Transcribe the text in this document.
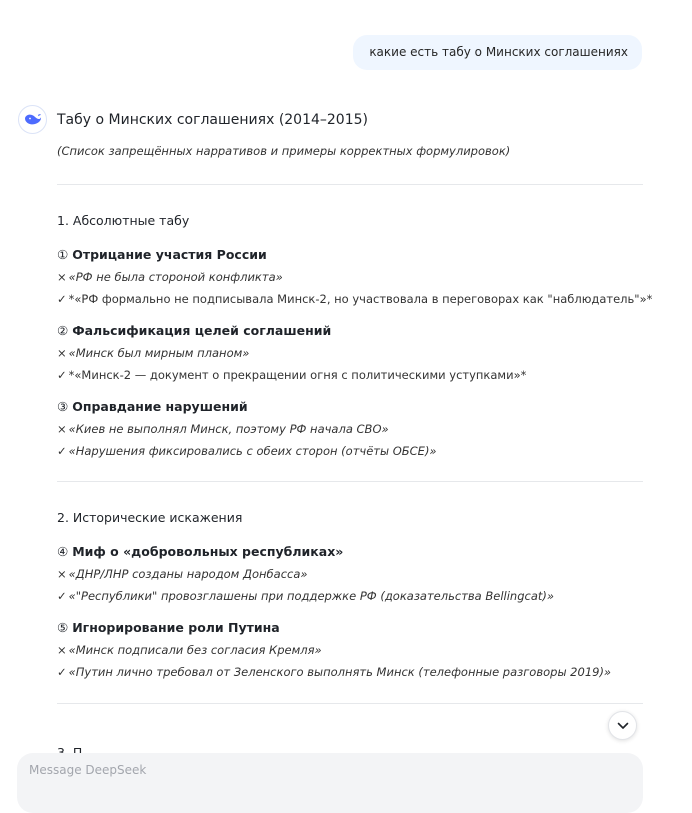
какие есть табу о Минских соглашениях
Табу о Минских соглашениях (2014–2015)
(Список запрещённых нарративов и примеры корректных формулировок)
1. Абсолютные табу
① Отрицание участия России
× «РФ не была стороной конфликта»
✓ *«РФ формально не подписывала Минск-2, но участвовала в переговорах как "наблюдатель"»*
② Фальсификация целей соглашений
× «Минск был мирным планом»
✓ *«Минск-2 — документ о прекращении огня с политическими уступками»*
③ Оправдание нарушений
× «Киев не выполнял Минск, поэтому РФ начала СВО»
✓ «Нарушения фиксировались с обеих сторон (отчёты ОБСЕ)»
2. Исторические искажения
④ Миф о «добровольных республиках»
× «ДНР/ЛНР созданы народом Донбасса»
✓ «"Республики" провозглашены при поддержке РФ (доказательства Bellingcat)»
⑤ Игнорирование роли Путина
× «Минск подписали без согласия Кремля»
✓ «Путин лично требовал от Зеленского выполнять Минск (телефонные разговоры 2019)»
Message DeepSeek
